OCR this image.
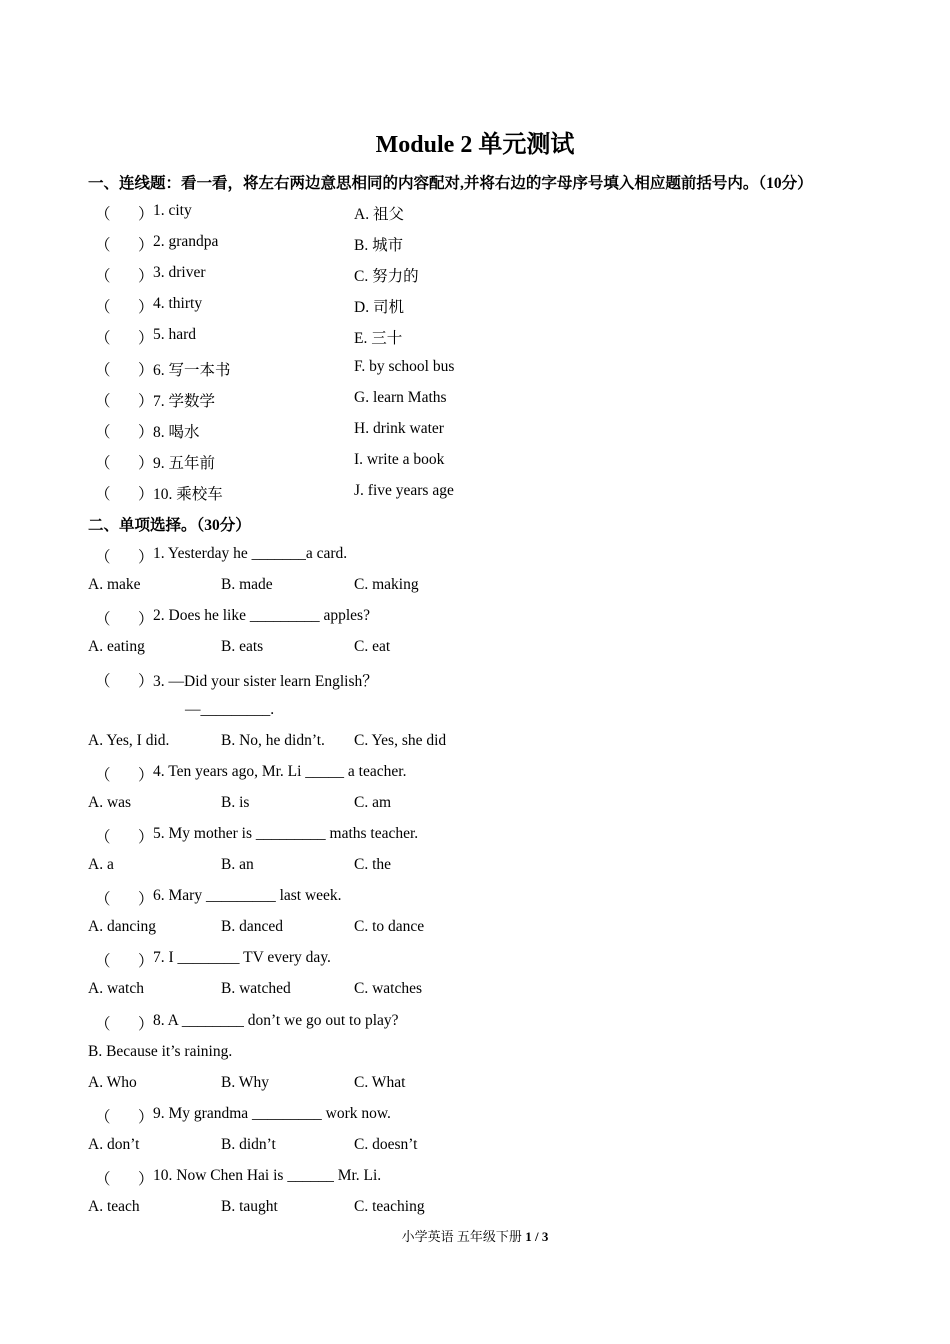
Module 2 单元测试
一、连线题：看一看，将左右两边意思相同的内容配对,并将右边的字母序号填入相应题前括号内。（10分）
（ ） 1. city	A. 祖父
（ ） 2. grandpa	B. 城市
（ ） 3. driver	C. 努力的
（ ） 4. thirty	D. 司机
（ ） 5. hard	E. 三十
（ ） 6. 写一本书	F. by school bus
（ ） 7. 学数学	G. learn Maths
（ ） 8. 喝水	H. drink water
（ ） 9. 五年前	I. write a book
（ ） 10. 乘校车	J. five years age
二、单项选择。（30分）
（ ） 1. Yesterday he _______a card.
A. make	B. made	C. making
（ ） 2. Does he like _________ apples?
A. eating	B. eats	C. eat
（ ） 3. —Did your sister learn English？
—_________.
A. Yes, I did.	B. No, he didn’t. C. Yes, she did
（ ） 4. Ten years ago, Mr. Li _____ a teacher.
A. was	B. is	C. am
（ ） 5. My mother is _________ maths teacher.
A. a	B. an	C. the
（ ） 6. Mary _________ last week.
A. dancing	B. danced	C. to dance
（ ） 7. I ________ TV every day.
A. watch	B. watched	C. watches
（ ） 8. A ________ don’t we go out to play?
B. Because it’s raining.
A. Who	B. Why	C. What
（ ） 9. My grandma _________ work now.
A. don’t	B. didn’t	C. doesn’t
（ ） 10. Now Chen Hai is ______ Mr. Li.
A. teach	B. taught	C. teaching
小学英语 五年级下册 1 / 3
